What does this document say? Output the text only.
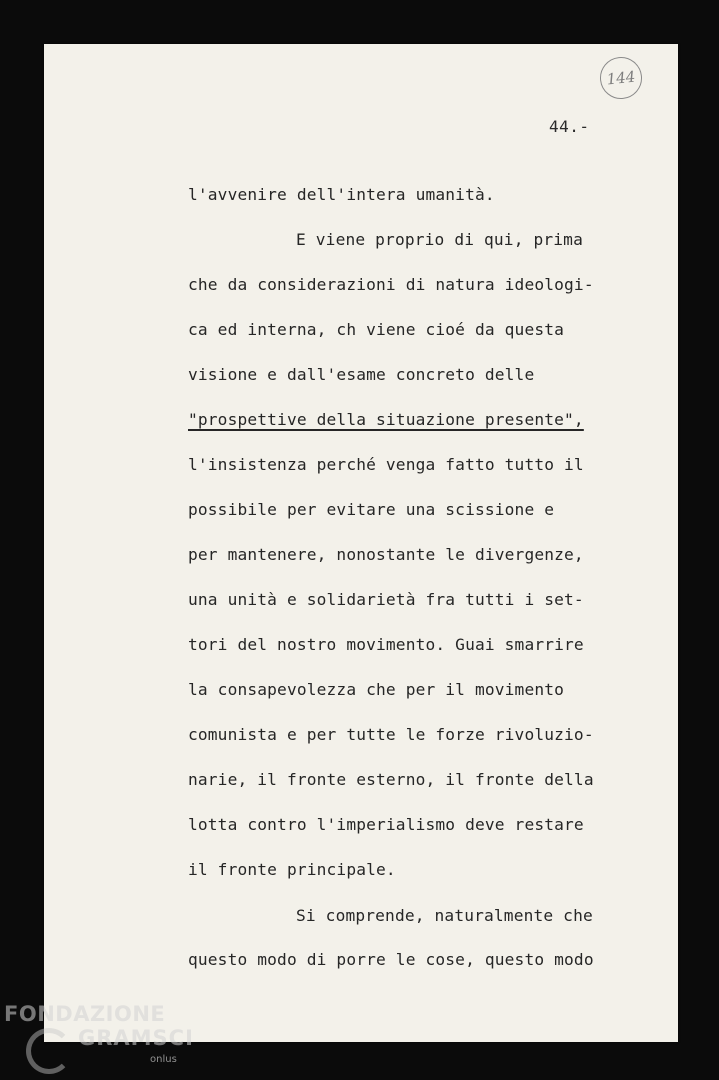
144
44.-
l'avvenire dell'intera umanità.
E viene proprio di qui, prima
che da considerazioni di natura ideologi-
ca ed interna, ch viene cioé da questa
visione e dall'esame concreto delle
"prospettive della situazione presente",
l'insistenza perché venga fatto tutto il
possibile per evitare una scissione e
per mantenere, nonostante le divergenze,
una unità e solidarietà fra tutti i set-
tori del nostro movimento. Guai smarrire
la consapevolezza che per il movimento
comunista e per tutte le forze rivoluzio-
narie, il fronte esterno, il fronte della
lotta contro l'imperialismo deve restare
il fronte principale.
Si comprende, naturalmente che
questo modo di porre le cose, questo modo
FONDAZIONE
GRAMSCI
onlus
